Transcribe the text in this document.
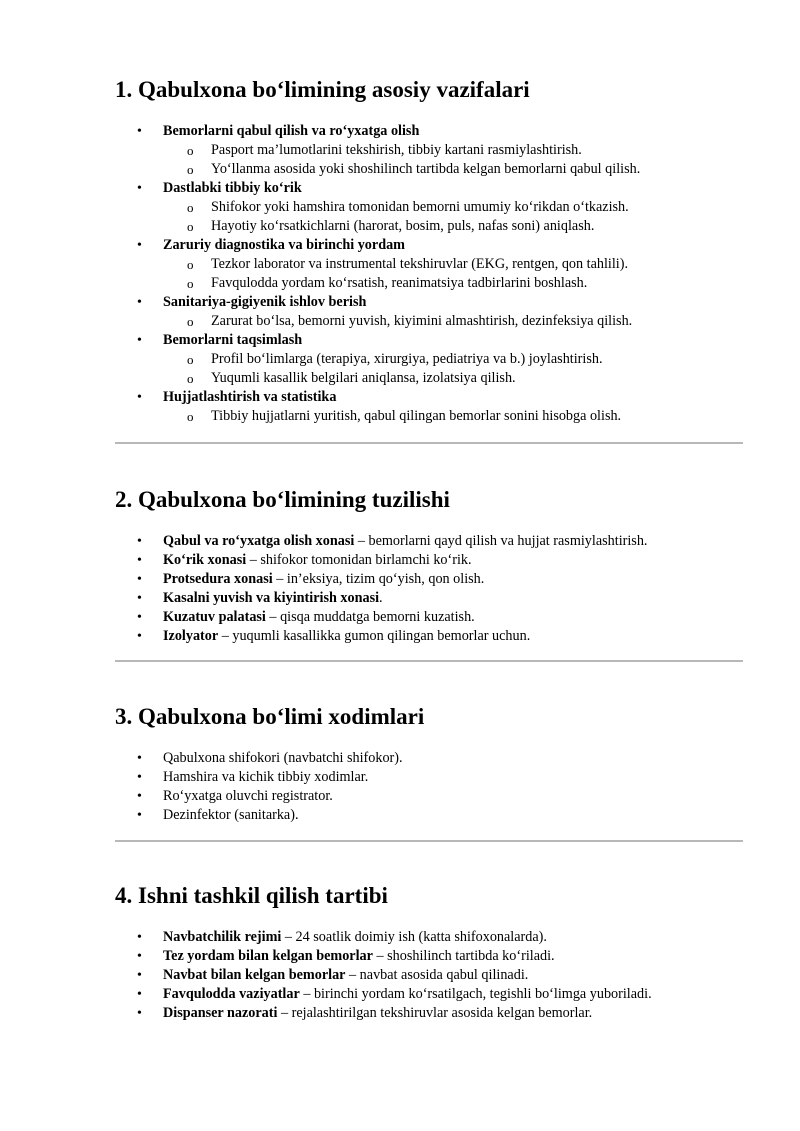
1. Qabulxona bo‘limining asosiy vazifalari
• Bemorlarni qabul qilish va ro‘yxatga olish
o Pasport ma’lumotlarini tekshirish, tibbiy kartani rasmiylashtirish.
o Yo‘llanma asosida yoki shoshilinch tartibda kelgan bemorlarni qabul qilish.
• Dastlabki tibbiy ko‘rik
o Shifokor yoki hamshira tomonidan bemorni umumiy ko‘rikdan o‘tkazish.
o Hayotiy ko‘rsatkichlarni (harorat, bosim, puls, nafas soni) aniqlash.
• Zaruriy diagnostika va birinchi yordam
o Tezkor laborator va instrumental tekshiruvlar (EKG, rentgen, qon tahlili).
o Favqulodda yordam ko‘rsatish, reanimatsiya tadbirlarini boshlash.
• Sanitariya-gigiyenik ishlov berish
o Zarurat bo‘lsa, bemorni yuvish, kiyimini almashtirish, dezinfeksiya qilish.
• Bemorlarni taqsimlash
o Profil bo‘limlarga (terapiya, xirurgiya, pediatriya va b.) joylashtirish.
o Yuqumli kasallik belgilari aniqlansa, izolatsiya qilish.
• Hujjatlashtirish va statistika
o Tibbiy hujjatlarni yuritish, qabul qilingan bemorlar sonini hisobga olish.
2. Qabulxona bo‘limining tuzilishi
• Qabul va ro‘yxatga olish xonasi – bemorlarni qayd qilish va hujjat rasmiylashtirish.
• Ko‘rik xonasi – shifokor tomonidan birlamchi ko‘rik.
• Protsedura xonasi – in’eksiya, tizim qo‘yish, qon olish.
• Kasalni yuvish va kiyintirish xonasi.
• Kuzatuv palatasi – qisqa muddatga bemorni kuzatish.
• Izolyator – yuqumli kasallikka gumon qilingan bemorlar uchun.
3. Qabulxona bo‘limi xodimlari
• Qabulxona shifokori (navbatchi shifokor).
• Hamshira va kichik tibbiy xodimlar.
• Ro‘yxatga oluvchi registrator.
• Dezinfektor (sanitarka).
4. Ishni tashkil qilish tartibi
• Navbatchilik rejimi – 24 soatlik doimiy ish (katta shifoxonalarda).
• Tez yordam bilan kelgan bemorlar – shoshilinch tartibda ko‘riladi.
• Navbat bilan kelgan bemorlar – navbat asosida qabul qilinadi.
• Favqulodda vaziyatlar – birinchi yordam ko‘rsatilgach, tegishli bo‘limga yuboriladi.
• Dispanser nazorati – rejalashtirilgan tekshiruvlar asosida kelgan bemorlar.
